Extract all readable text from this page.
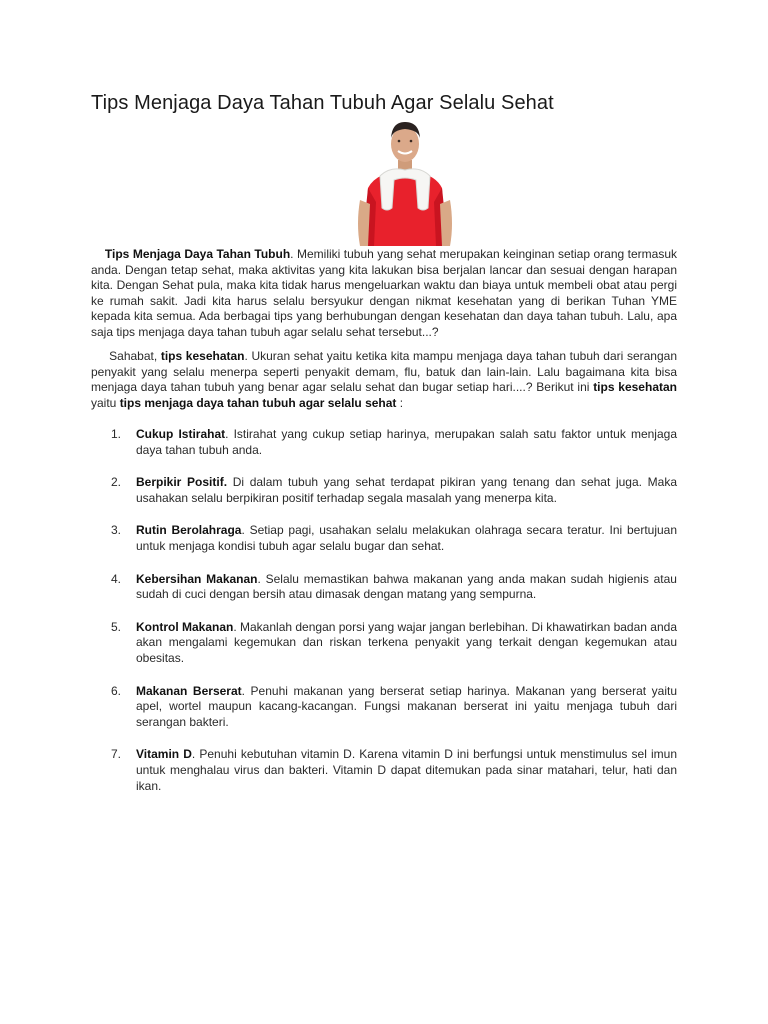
Tips Menjaga Daya Tahan Tubuh Agar Selalu Sehat

Tips Menjaga Daya Tahan Tubuh. Memiliki tubuh yang sehat merupakan keinginan setiap orang termasuk anda. Dengan tetap sehat, maka aktivitas yang kita lakukan bisa berjalan lancar dan sesuai dengan harapan kita. Dengan Sehat pula, maka kita tidak harus mengeluarkan waktu dan biaya untuk membeli obat atau pergi ke rumah sakit. Jadi kita harus selalu bersyukur dengan nikmat kesehatan yang di berikan Tuhan YME kepada kita semua. Ada berbagai tips yang berhubungan dengan kesehatan dan daya tahan tubuh. Lalu, apa saja tips menjaga daya tahan tubuh agar selalu sehat tersebut...?

Sahabat, tips kesehatan. Ukuran sehat yaitu ketika kita mampu menjaga daya tahan tubuh dari serangan penyakit yang selalu menerpa seperti penyakit demam, flu, batuk dan lain-lain. Lalu bagaimana kita bisa menjaga daya tahan tubuh yang benar agar selalu sehat dan bugar setiap hari....? Berikut ini tips kesehatan yaitu tips menjaga daya tahan tubuh agar selalu sehat :

1.	Cukup Istirahat. Istirahat yang cukup setiap harinya, merupakan salah satu faktor untuk menjaga daya tahan tubuh anda.
2.	Berpikir Positif. Di dalam tubuh yang sehat terdapat pikiran yang tenang dan sehat juga. Maka usahakan selalu berpikiran positif terhadap segala masalah yang menerpa kita.
3.	Rutin Berolahraga. Setiap pagi, usahakan selalu melakukan olahraga secara teratur. Ini bertujuan untuk menjaga kondisi tubuh agar selalu bugar dan sehat.
4.	Kebersihan Makanan. Selalu memastikan bahwa makanan yang anda makan sudah higienis atau sudah di cuci dengan bersih atau dimasak dengan matang yang sempurna.
5.	Kontrol Makanan. Makanlah dengan porsi yang wajar jangan berlebihan. Di khawatirkan badan anda akan mengalami kegemukan dan riskan terkena penyakit yang terkait dengan kegemukan atau obesitas.
6.	Makanan Berserat. Penuhi makanan yang berserat setiap harinya. Makanan yang berserat yaitu apel, wortel maupun kacang-kacangan. Fungsi makanan berserat ini yaitu menjaga tubuh dari serangan bakteri.
7.	Vitamin D. Penuhi kebutuhan vitamin D. Karena vitamin D ini berfungsi untuk menstimulus sel imun untuk menghalau virus dan bakteri. Vitamin D dapat ditemukan pada sinar matahari, telur, hati dan ikan.
